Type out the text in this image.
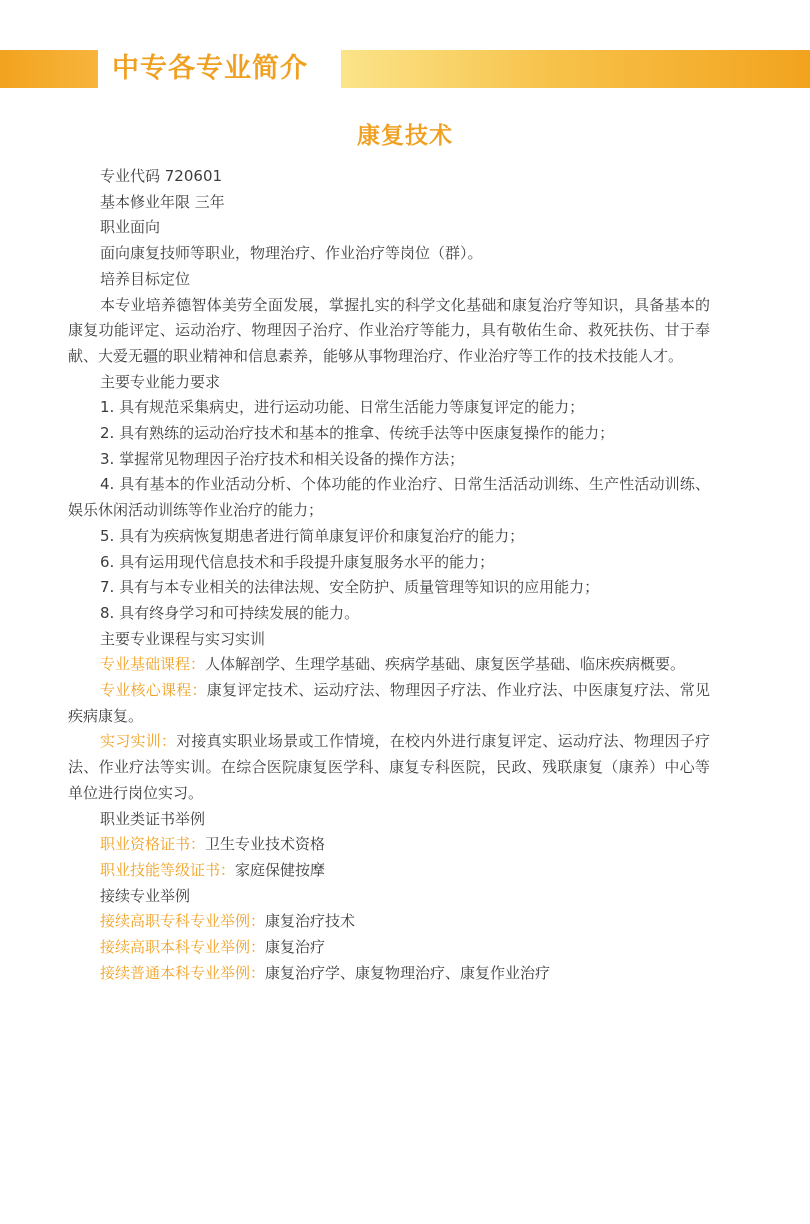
中专各专业简介
康复技术

专业代码 720601

基本修业年限 三年

职业面向

面向康复技师等职业，物理治疗、作业治疗等岗位（群）。

培养目标定位

本专业培养德智体美劳全面发展，掌握扎实的科学文化基础和康复治疗等知识，具备基本的康复功能评定、运动治疗、物理因子治疗、作业治疗等能力，具有敬佑生命、救死扶伤、甘于奉献、大爱无疆的职业精神和信息素养，能够从事物理治疗、作业治疗等工作的技术技能人才。

主要专业能力要求

1. 具有规范采集病史，进行运动功能、日常生活能力等康复评定的能力；

2. 具有熟练的运动治疗技术和基本的推拿、传统手法等中医康复操作的能力；

3. 掌握常见物理因子治疗技术和相关设备的操作方法；

4. 具有基本的作业活动分析、个体功能的作业治疗、日常生活活动训练、生产性活动训练、娱乐休闲活动训练等作业治疗的能力；

5. 具有为疾病恢复期患者进行简单康复评价和康复治疗的能力；

6. 具有运用现代信息技术和手段提升康复服务水平的能力；

7. 具有与本专业相关的法律法规、安全防护、质量管理等知识的应用能力；

8. 具有终身学习和可持续发展的能力。

主要专业课程与实习实训

专业基础课程：人体解剖学、生理学基础、疾病学基础、康复医学基础、临床疾病概要。

专业核心课程：康复评定技术、运动疗法、物理因子疗法、作业疗法、中医康复疗法、常见疾病康复。

实习实训：对接真实职业场景或工作情境，在校内外进行康复评定、运动疗法、物理因子疗法、作业疗法等实训。在综合医院康复医学科、康复专科医院，民政、残联康复（康养）中心等单位进行岗位实习。

职业类证书举例

职业资格证书：卫生专业技术资格

职业技能等级证书：家庭保健按摩

接续专业举例

接续高职专科专业举例：康复治疗技术

接续高职本科专业举例：康复治疗

接续普通本科专业举例：康复治疗学、康复物理治疗、康复作业治疗
